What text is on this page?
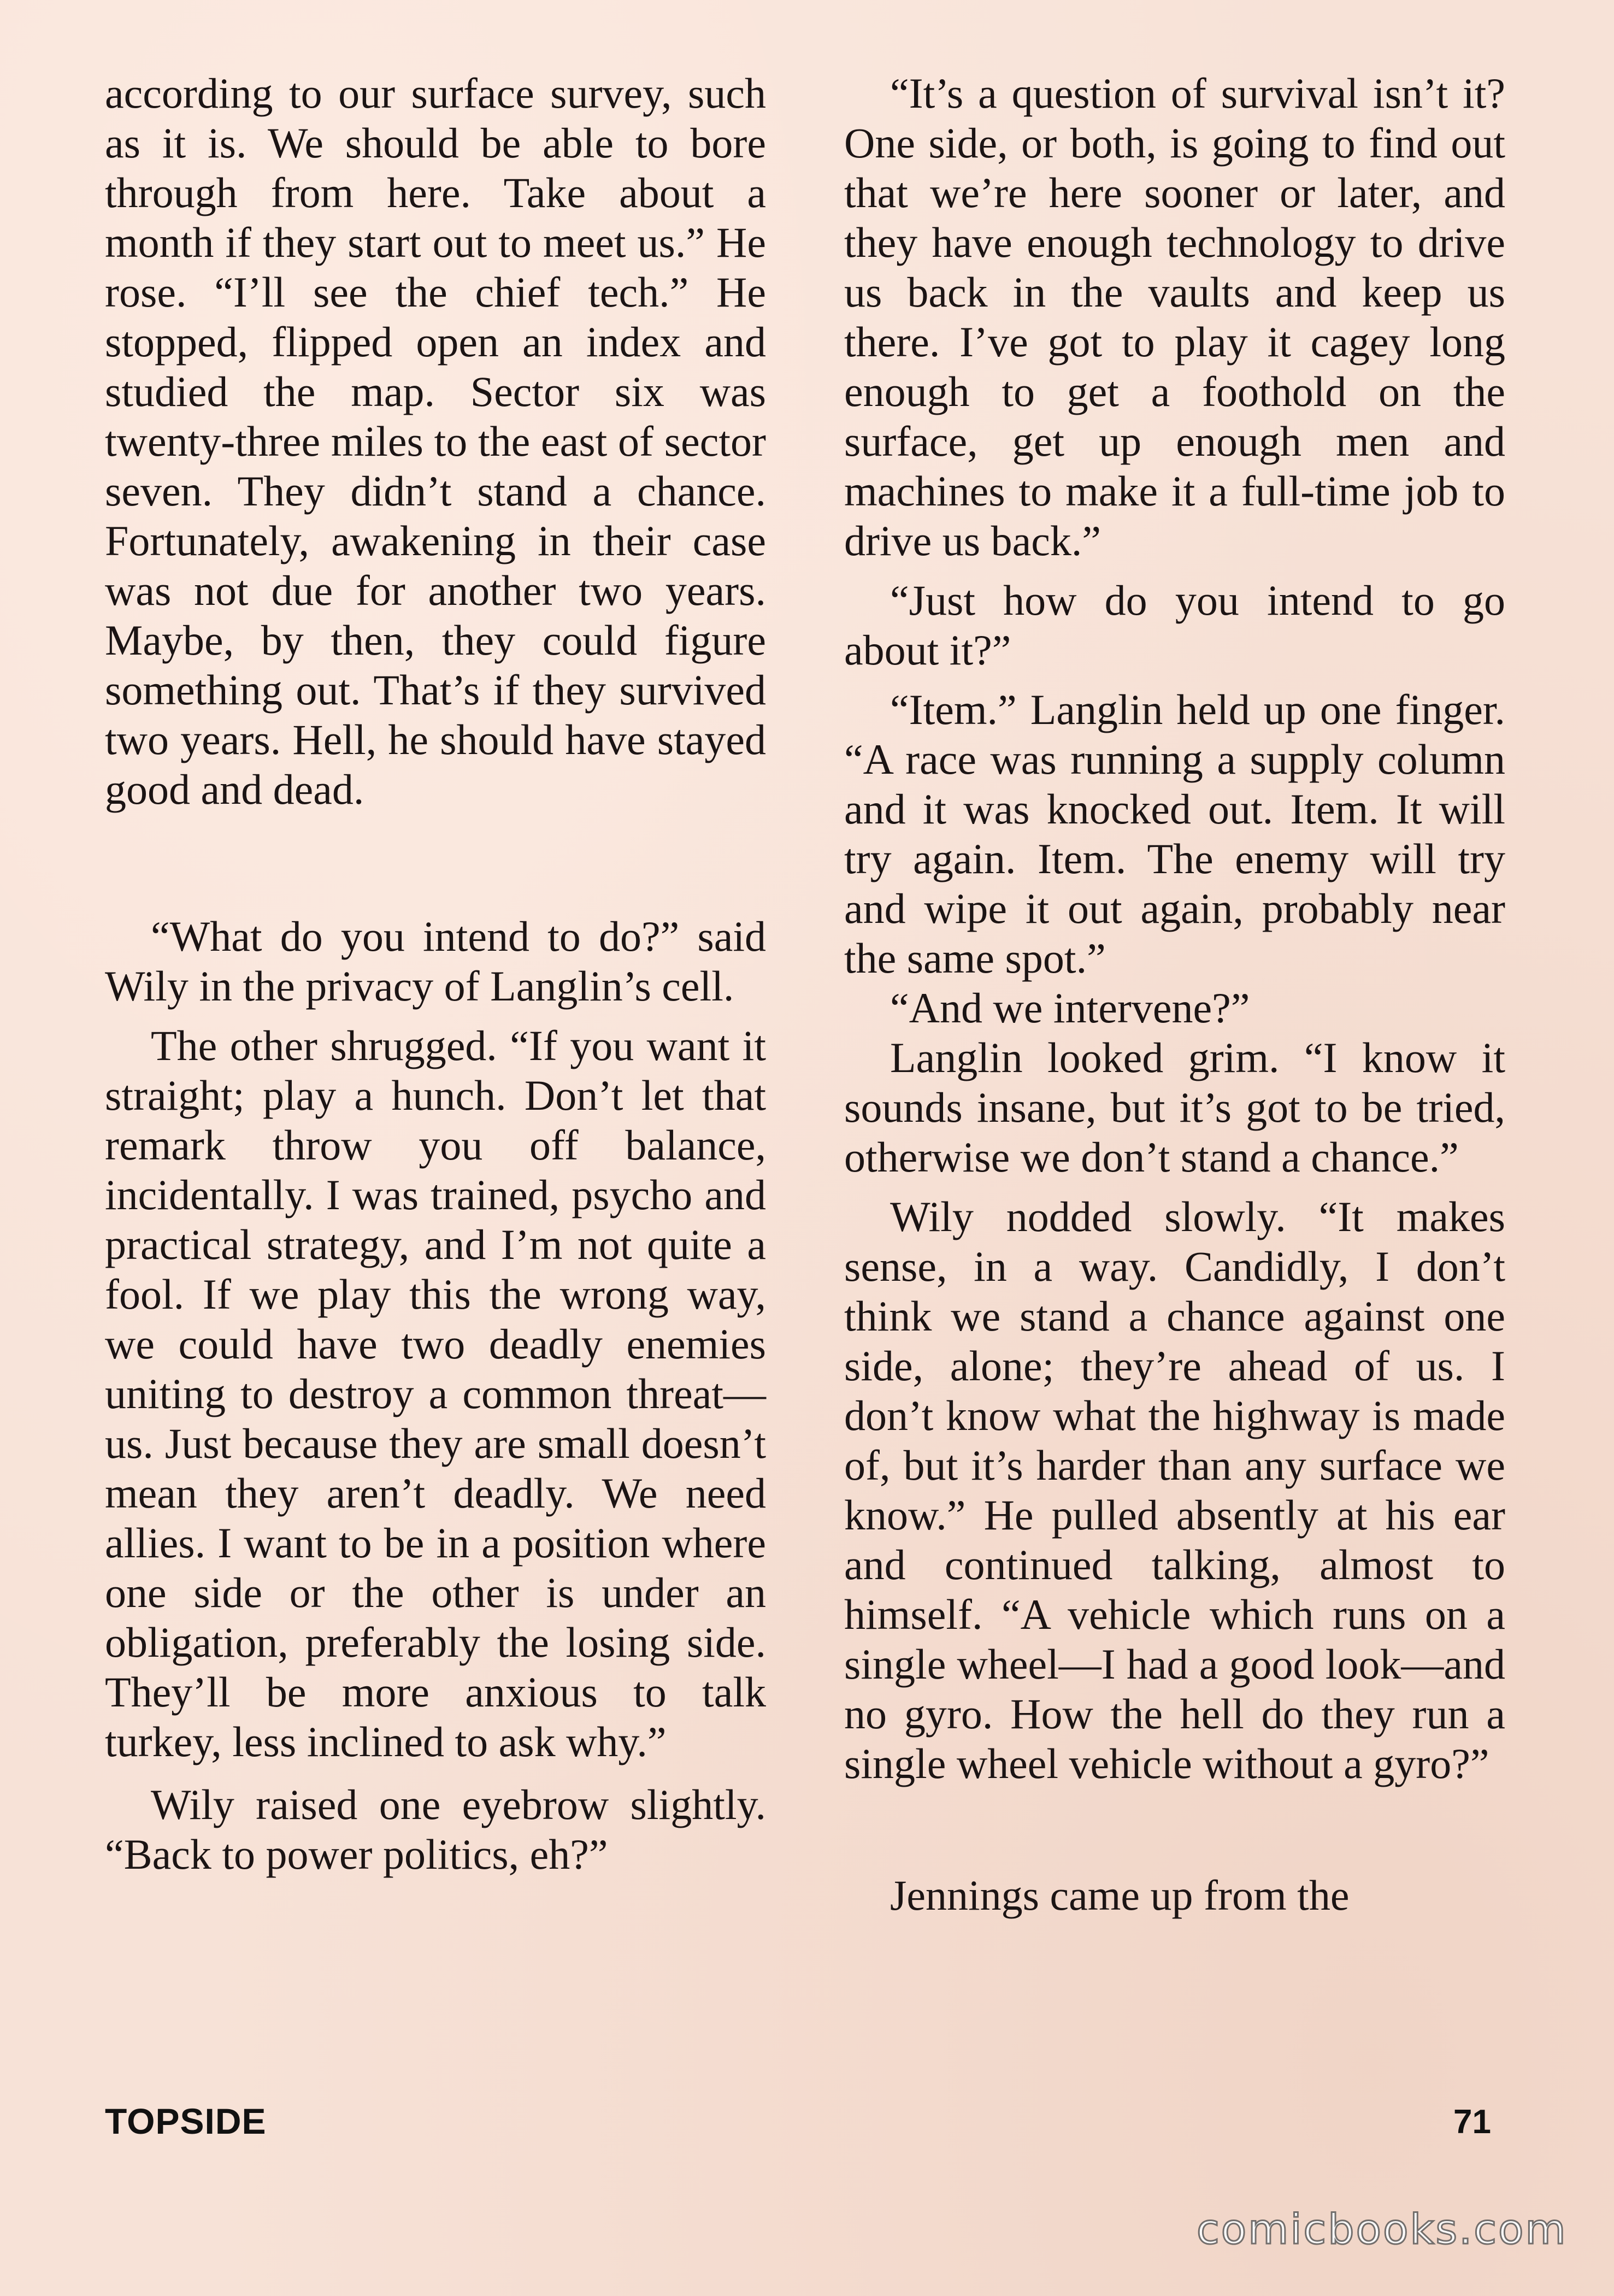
according to our surface survey, such as it is. We should be able to bore through from here. Take about a month if they start out to meet us.” He rose. “I’ll see the chief tech.” He stopped, flipped open an index and studied the map. Sector six was twenty-three miles to the east of sector seven. They didn’t stand a chance. Fortunately, awakening in their case was not due for another two years. Maybe, by then, they could figure something out. That’s if they survived two years. Hell, he should have stayed good and dead.

“What do you intend to do?” said Wily in the privacy of Langlin’s cell.

The other shrugged. “If you want it straight; play a hunch. Don’t let that remark throw you off balance, incidentally. I was trained, psycho and practical strategy, and I’m not quite a fool. If we play this the wrong way, we could have two deadly enemies uniting to destroy a common threat—us. Just because they are small doesn’t mean they aren’t deadly. We need allies. I want to be in a position where one side or the other is under an obligation, preferably the losing side. They’ll be more anxious to talk turkey, less inclined to ask why.”

Wily raised one eyebrow slightly. “Back to power politics, eh?”

“It’s a question of survival isn’t it? One side, or both, is going to find out that we’re here sooner or later, and they have enough technology to drive us back in the vaults and keep us there. I’ve got to play it cagey long enough to get a foothold on the surface, get up enough men and machines to make it a full-time job to drive us back.”

“Just how do you intend to go about it?”

“Item.” Langlin held up one finger. “A race was running a supply column and it was knocked out. Item. It will try again. Item. The enemy will try and wipe it out again, probably near the same spot.”

“And we intervene?”

Langlin looked grim. “I know it sounds insane, but it’s got to be tried, otherwise we don’t stand a chance.”

Wily nodded slowly. “It makes sense, in a way. Candidly, I don’t think we stand a chance against one side, alone; they’re ahead of us. I don’t know what the highway is made of, but it’s harder than any surface we know.” He pulled absently at his ear and continued talking, almost to himself. “A vehicle which runs on a single wheel—I had a good look—and no gyro. How the hell do they run a single wheel vehicle without a gyro?”

Jennings came up from the

TOPSIDE	71
comicbooks.com
